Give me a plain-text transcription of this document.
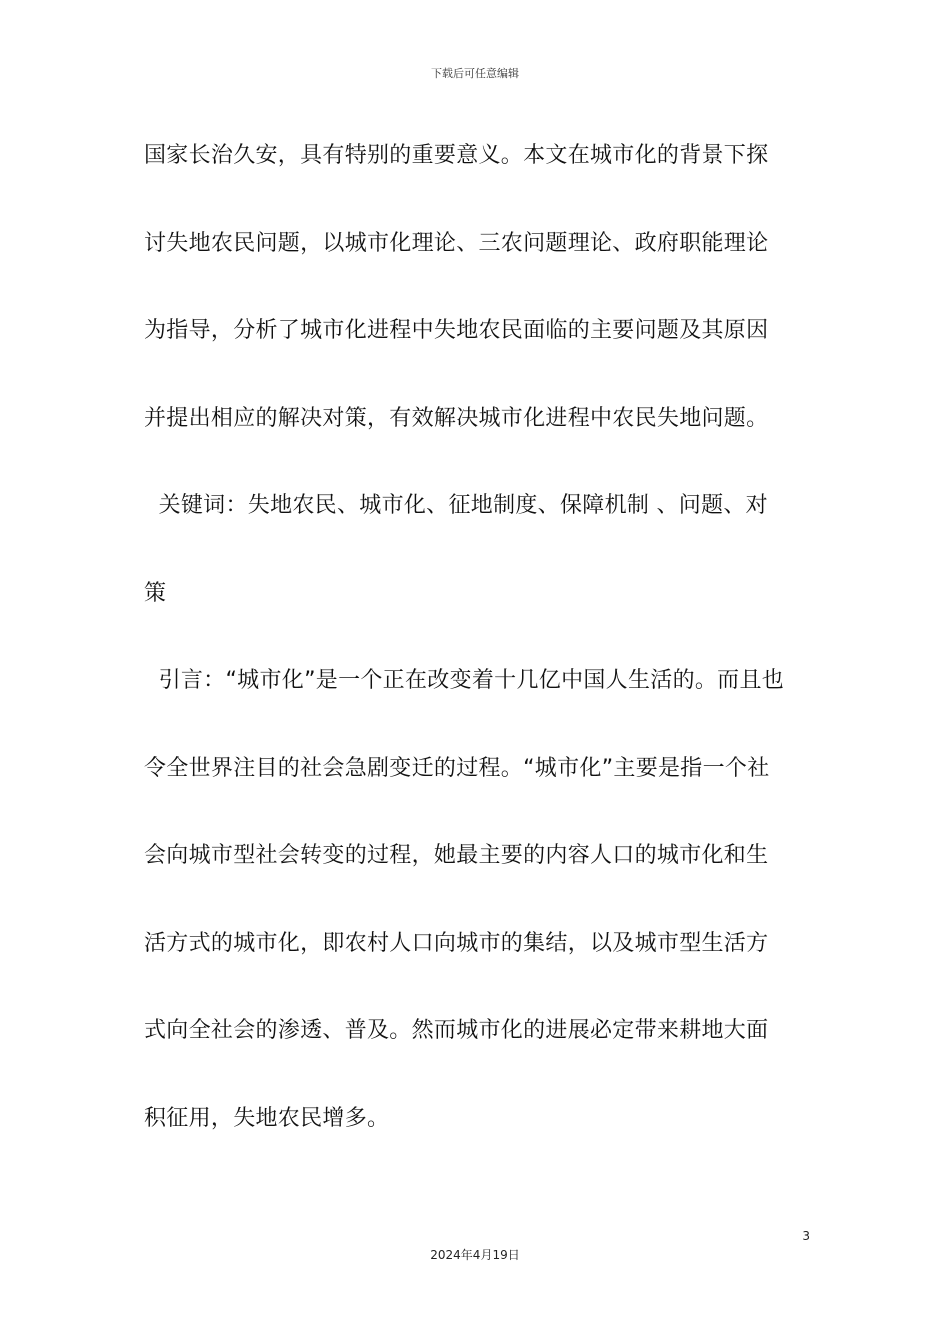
下载后可任意编辑
国家长治久安，具有特别的重要意义。本文在城市化的背景下探
讨失地农民问题，以城市化理论、三农问题理论、政府职能理论
为指导，分析了城市化进程中失地农民面临的主要问题及其原因
并提出相应的解决对策，有效解决城市化进程中农民失地问题。
关键词：失地农民、城市化、征地制度、保障机制 、问题、对
策
引言：“城市化”是一个正在改变着十几亿中国人生活的。而且也
令全世界注目的社会急剧变迁的过程。“城市化”主要是指一个社
会向城市型社会转变的过程，她最主要的内容人口的城市化和生
活方式的城市化，即农村人口向城市的集结，以及城市型生活方
式向全社会的渗透、普及。然而城市化的进展必定带来耕地大面
积征用，失地农民增多。
3
2024年4月19日
